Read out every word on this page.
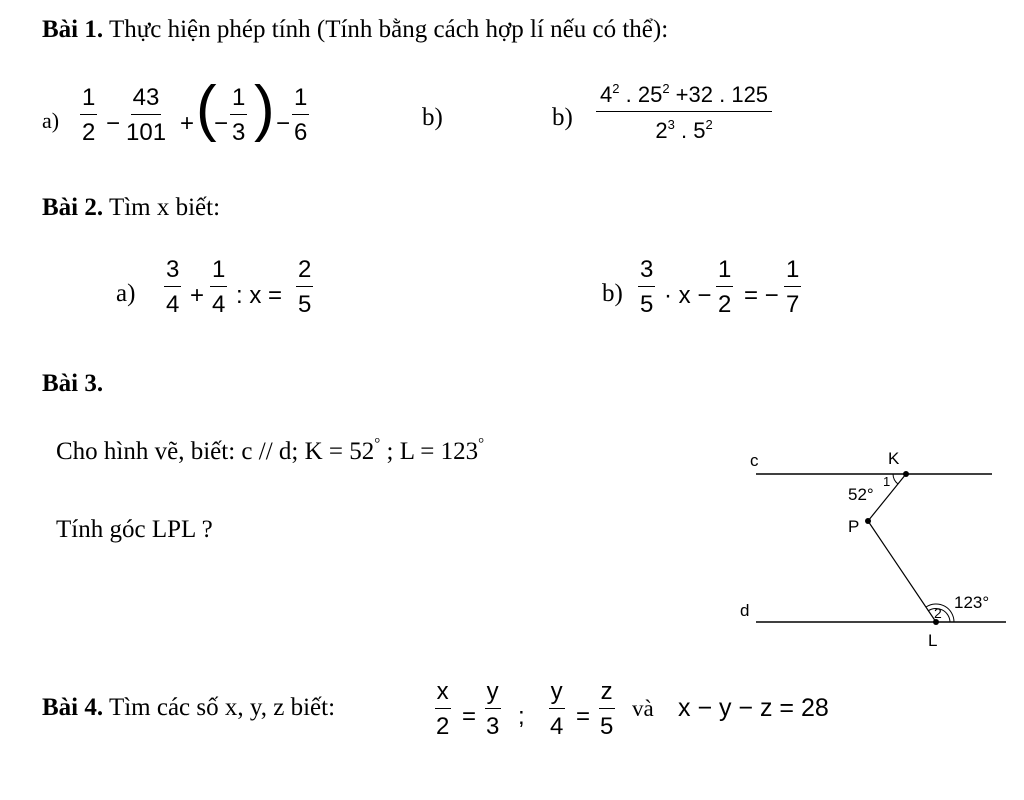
Bài 1. Thực hiện phép tính (Tính bằng cách hợp lí nếu có thể):
$a) \frac{1}{2} - \frac{43}{101}$ + (
− $\frac{1}{3}$ ) − $\frac{1}{6}$	b)	$b) \frac{4^2 . 25^2 +32 . 125}{2^3 . 5^2}$
Bài 2. Tìm x biết:
$a) \frac{3}{4} + \frac{1}{4}$ : $x = \frac{2}{5}$	$b) \frac{3}{5} \cdot x - \frac{1}{2}$ = − $\frac{1}{7}$
Bài 3.
Cho hình vẽ, biết: c // d; K = 52° ; L = 123°
Tính góc LPL ?
c	K
52°
1
P
123°
2
d
L
Bài 4. Tìm các số x, y, z biết:	$\frac{x}{2} = \frac{y}{3}$ ; $\frac{y}{4} = \frac{z}{5}$ và x − y − z = 28
